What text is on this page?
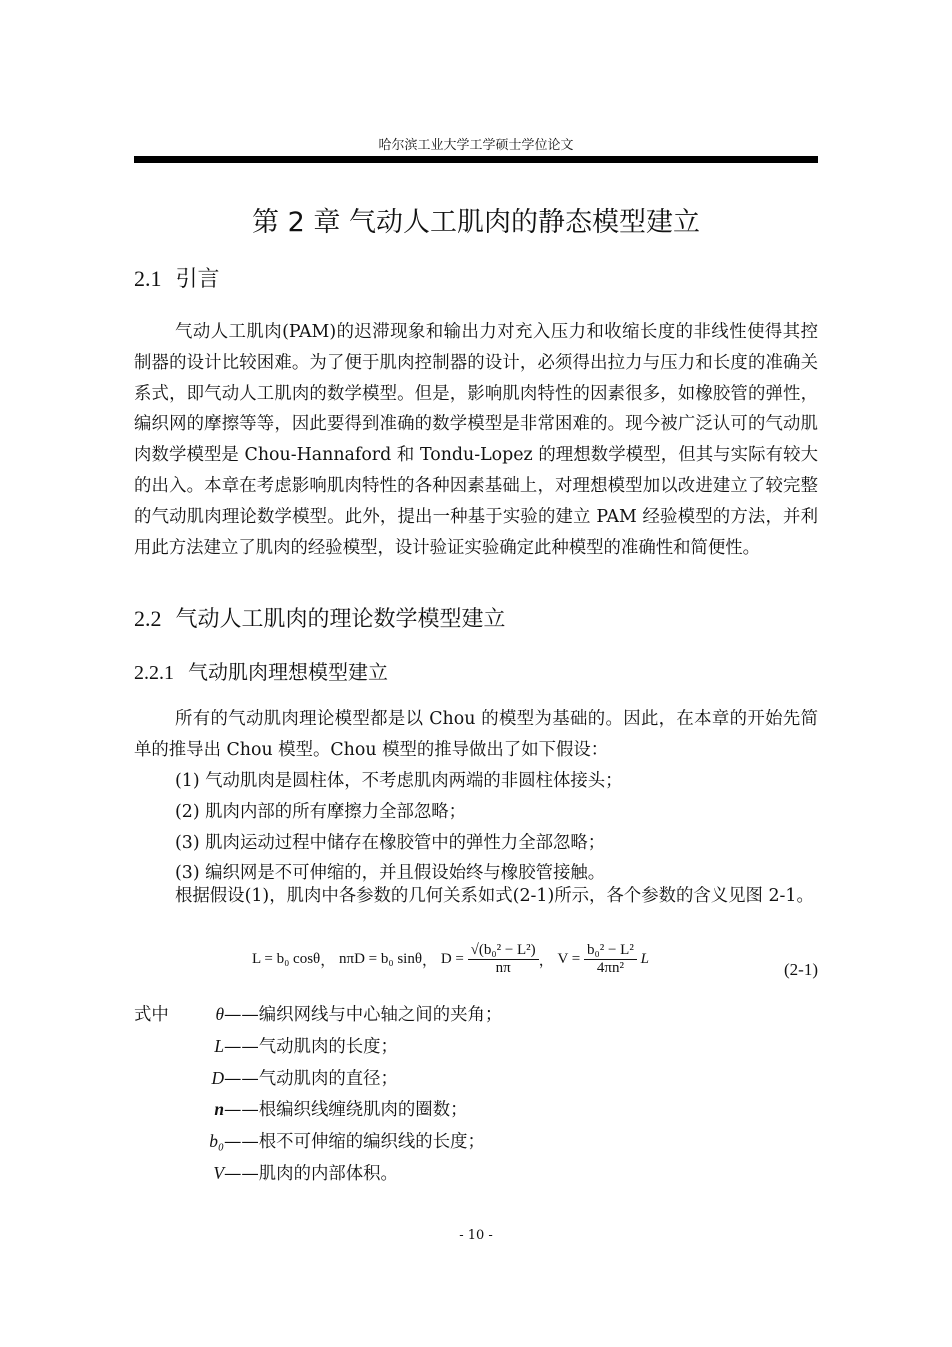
哈尔滨工业大学工学硕士学位论文
第 2 章 气动人工肌肉的静态模型建立
2.1 引言

气动人工肌肉(PAM)的迟滞现象和输出力对充入压力和收缩长度的非线性使得其控制器的设计比较困难。为了便于肌肉控制器的设计，必须得出拉力与压力和长度的准确关系式，即气动人工肌肉的数学模型。但是，影响肌肉特性的因素很多，如橡胶管的弹性，编织网的摩擦等等，因此要得到准确的数学模型是非常困难的。现今被广泛认可的气动肌肉数学模型是 Chou-Hannaford 和 Tondu-Lopez 的理想数学模型，但其与实际有较大的出入。本章在考虑影响肌肉特性的各种因素基础上，对理想模型加以改进建立了较完整的气动肌肉理论数学模型。此外，提出一种基于实验的建立 PAM 经验模型的方法，并利用此方法建立了肌肉的经验模型，设计验证实验确定此种模型的准确性和简便性。

2.2 气动人工肌肉的理论数学模型建立
2.2.1 气动肌肉理想模型建立

所有的气动肌肉理论模型都是以 Chou 的模型为基础的。因此，在本章的开始先简单的推导出 Chou 模型。Chou 模型的推导做出了如下假设：

(1) 气动肌肉是圆柱体，不考虑肌肉两端的非圆柱体接头；
(2) 肌肉内部的所有摩擦力全部忽略；
(3) 肌肉运动过程中储存在橡胶管中的弹性力全部忽略；
(3) 编织网是不可伸缩的，并且假设始终与橡胶管接触。

根据假设(1)，肌肉中各参数的几何关系如式(2-1)所示，各个参数的含义见图 2-1。

L = b₀ cosθ， nπD = b₀ sinθ， $D = \frac{\text{√(b₀² − L²)}}{n\pi}$ ， $V = \frac{\text{b₀² − L²}}{\text{4πn²}}$ L
(2-1)
式中	θ——编织网线与中心轴之间的夹角；
L——气动肌肉的长度；
D——气动肌肉的直径；
n——根编织线缠绕肌肉的圈数；
b₀——根不可伸缩的编织线的长度；
V——肌肉的内部体积。
- 10 -
